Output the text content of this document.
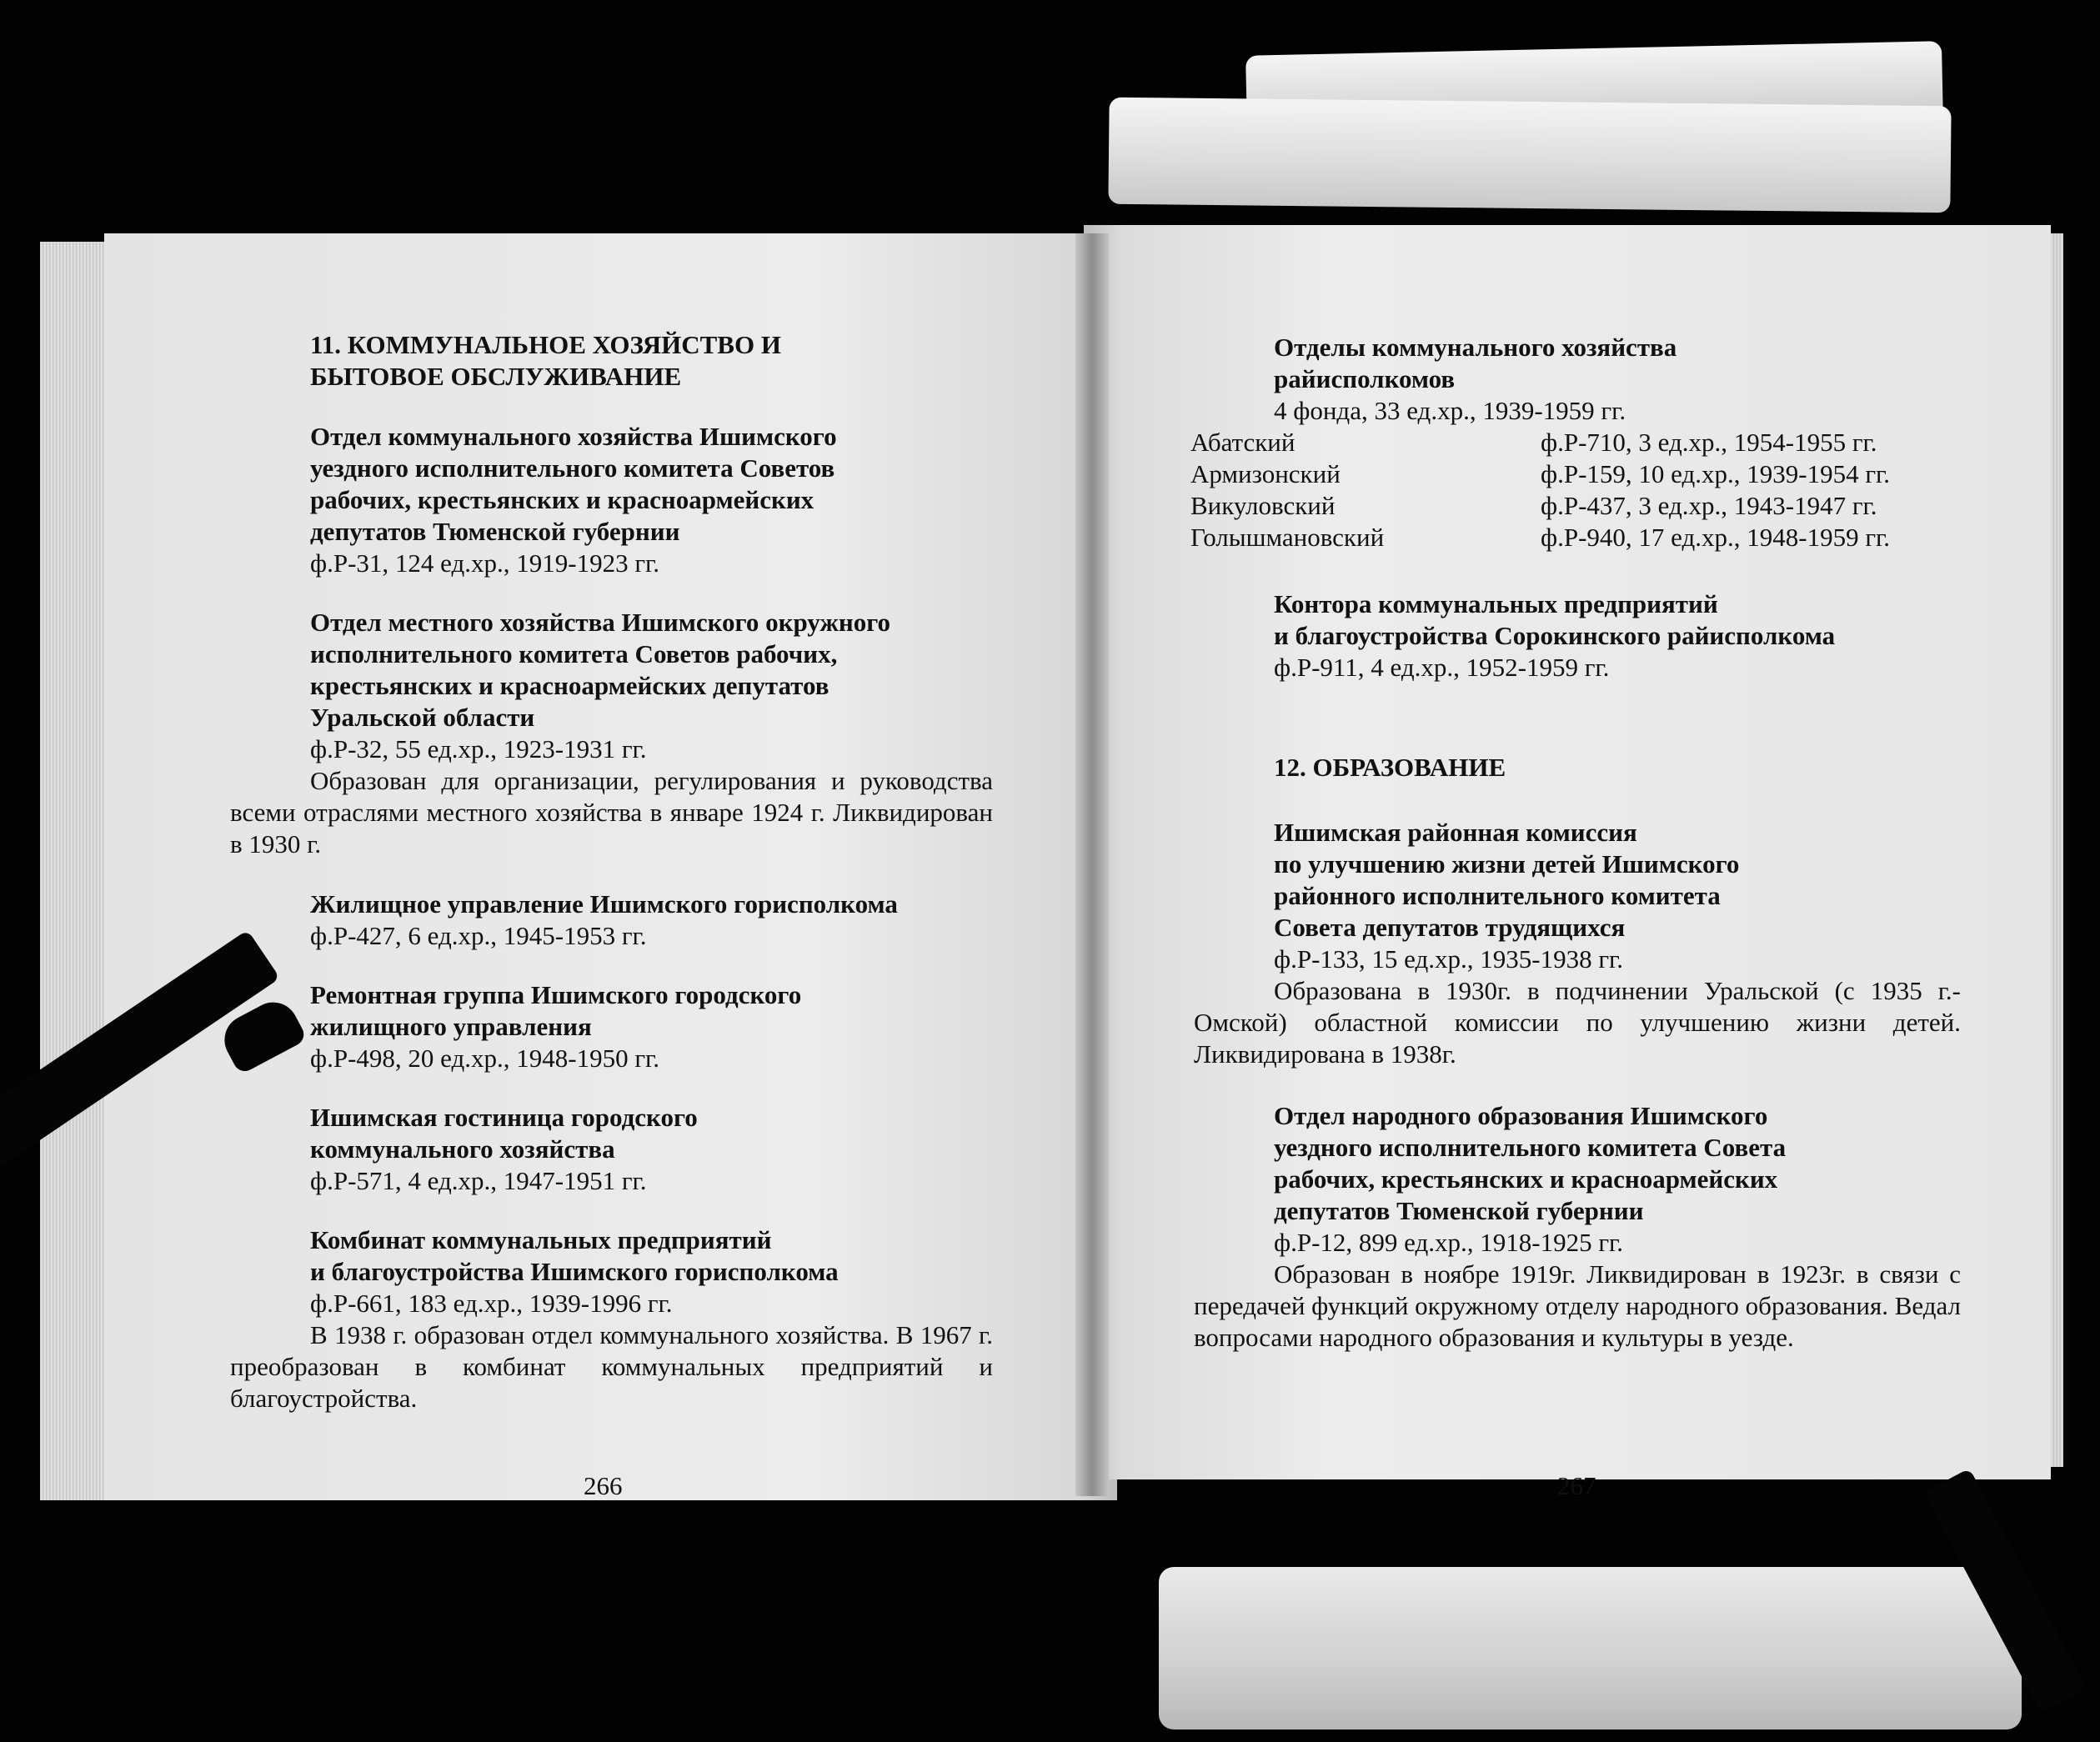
11. КОММУНАЛЬНОЕ ХОЗЯЙСТВО И
БЫТОВОЕ ОБСЛУЖИВАНИЕ
Отдел коммунального хозяйства Ишимского
уездного исполнительного комитета Советов
рабочих, крестьянских и красноармейских
депутатов Тюменской губернии
ф.Р-31, 124 ед.хр., 1919-1923 гг.
Отдел местного хозяйства Ишимского окружного
исполнительного комитета Советов рабочих,
крестьянских и красноармейских депутатов
Уральской области
ф.Р-32, 55 ед.хр., 1923-1931 гг.
Образован для организации, регулирования и руководства всеми отраслями местного хозяйства в январе 1924 г. Ликвидирован в 1930 г.
Жилищное управление Ишимского горисполкома
ф.Р-427, 6 ед.хр., 1945-1953 гг.
Ремонтная группа Ишимского городского
жилищного управления
ф.Р-498, 20 ед.хр., 1948-1950 гг.
Ишимская гостиница городского
коммунального хозяйства
ф.Р-571, 4 ед.хр., 1947-1951 гг.
Комбинат коммунальных предприятий
и благоустройства Ишимского горисполкома
ф.Р-661, 183 ед.хр., 1939-1996 гг.
В 1938 г. образован отдел коммунального хозяйства. В 1967 г. преобразован в комбинат коммунальных предприятий и благоустройства.
266
Отделы коммунального хозяйства
райисполкомов
4 фонда, 33 ед.хр., 1939-1959 гг.
Абатский	ф.Р-710, 3 ед.хр., 1954-1955 гг.
Армизонский	ф.Р-159, 10 ед.хр., 1939-1954 гг.
Викуловский	ф.Р-437, 3 ед.хр., 1943-1947 гг.
Голышмановский	ф.Р-940, 17 ед.хр., 1948-1959 гг.
Контора коммунальных предприятий
и благоустройства Сорокинского райисполкома
ф.Р-911, 4 ед.хр., 1952-1959 гг.
12. ОБРАЗОВАНИЕ
Ишимская районная комиссия
по улучшению жизни детей Ишимского
районного исполнительного комитета
Совета депутатов трудящихся
ф.Р-133, 15 ед.хр., 1935-1938 гг.
Образована в 1930г. в подчинении Уральской (с 1935 г.- Омской) областной комиссии по улучшению жизни детей. Ликвидирована в 1938г.
Отдел народного образования Ишимского
уездного исполнительного комитета Совета
рабочих, крестьянских и красноармейских
депутатов Тюменской губернии
ф.Р-12, 899 ед.хр., 1918-1925 гг.
Образован в ноябре 1919г. Ликвидирован в 1923г. в связи с передачей функций окружному отделу народного образования. Ведал вопросами народного образования и культуры в уезде.
267
